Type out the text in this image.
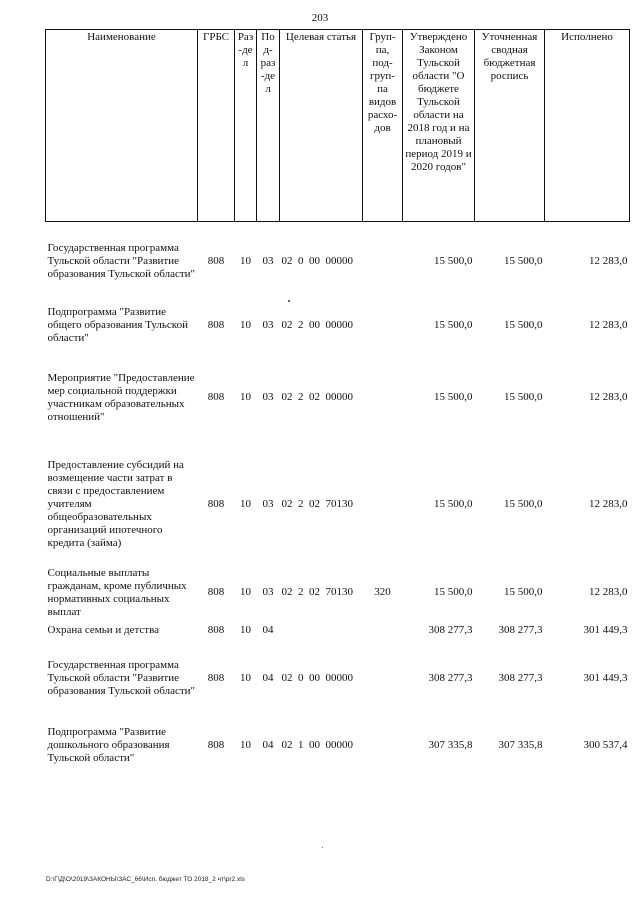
203
Наименование	ГРБС	Раз-дел	Под-раз-дел	Целевая статья	Груп-па, под-груп-па видов расхо-дов	Утверждено Законом Тульской области "О бюджете Тульской области на 2018 год и на плановый период 2019 и 2020 годов"	Уточненная сводная бюджетная роспись	Исполнено
Государственная программа Тульской области "Развитие образования Тульской области"	808	10	03	02  0  00  00000		15 500,0	15 500,0	12 283,0
Подпрограмма "Развитие общего образования Тульской области"	808	10	03	02  2  00  00000		15 500,0	15 500,0	12 283,0
Мероприятие "Предоставление мер социальной поддержки участникам образовательных отношений"	808	10	03	02  2  02  00000		15 500,0	15 500,0	12 283,0
Предоставление субсидий на возмещение части затрат в связи с предоставлением учителям общеобразовательных организаций ипотечного кредита (займа)	808	10	03	02  2  02  70130		15 500,0	15 500,0	12 283,0
Социальные выплаты гражданам, кроме публичных нормативных социальных выплат	808	10	03	02  2  02  70130	320	15 500,0	15 500,0	12 283,0
Охрана семьи и детства	808	10	04			308 277,3	308 277,3	301 449,3
Государственная программа Тульской области "Развитие образования Тульской области"	808	10	04	02  0  00  00000		308 277,3	308 277,3	301 449,3
Подпрограмма "Развитие дошкольного образования Тульской области"	808	10	04	02  1  00  00000		307 335,8	307 335,8	300 537,4
D:\Г\Д\О\2019\ЗАКОНЫ\ЗАС_66\Исп. бюджет ТО 2018_2 чт\pr2.xls
